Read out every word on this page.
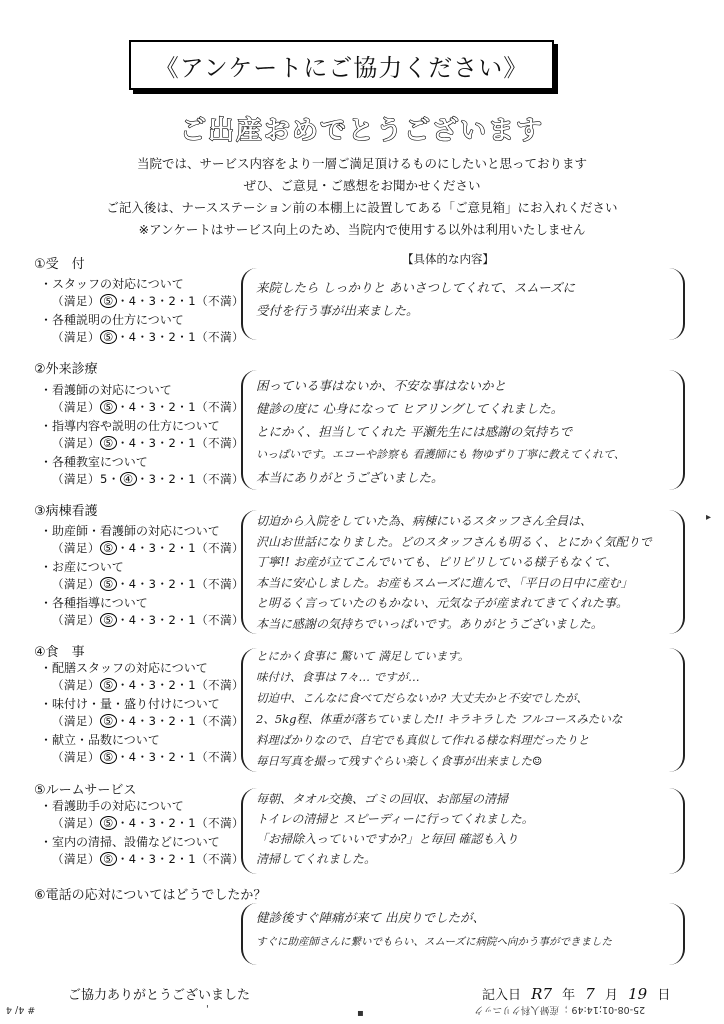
《アンケートにご協力ください》
ご出産おめでとうございます
当院では、サービス内容をより一層ご満足頂けるものにしたいと思っております
ぜひ、ご意見・ご感想をお聞かせください
ご記入後は、ナースステーション前の本棚上に設置してある「ご意見箱」にお入れください
※アンケートはサービス向上のため、当院内で使用する以外は利用いたしません
【具体的な内容】
①受　付
・ スタッフの対応について
（満足） ⑤ ・4・3・2・1（不満）
・ 各種説明の仕方について
（満足） ⑤ ・4・3・2・1（不満）
来院したら しっかりと あいさつしてくれて、スムーズに
受付を行う事が出来ました。
②外来診療
・ 看護師の対応について
（満足） ⑤ ・4・3・2・1（不満）
・ 指導内容や説明の仕方について
（満足） ⑤ ・4・3・2・1（不満）
・ 各種教室について
（満足）5・ ④ ・3・2・1（不満）
困っている事はないか、不安な事はないかと
健診の度に 心身になって ヒアリングしてくれました。
とにかく、担当してくれた 平瀬先生には感謝の気持ちで
いっぱいです。エコーや診察も 看護師にも 物ゆずり丁寧に教えてくれて、
本当にありがとうございました。
③病棟看護
・ 助産師・看護師の対応について
（満足） ⑤ ・4・3・2・1（不満）
・ お産について
（満足） ⑤ ・4・3・2・1（不満）
・ 各種指導について
（満足） ⑤ ・4・3・2・1（不満）
切迫から入院をしていた為、病棟にいるスタッフさん全員は、
沢山お世話になりました。どのスタッフさんも明るく、とにかく気配りで
丁寧!! お産が立てこんでいても、ピリピリしている様子もなくて、
本当に安心しました。お産もスムーズに進んで、「平日の日中に産む」
と明るく言っていたのもかない、元気な子が産まれてきてくれた事。
本当に感謝の気持ちでいっぱいです。ありがとうございました。
④食　事
・ 配膳スタッフの対応について
（満足） ⑤ ・4・3・2・1（不満）
・ 味付け・量・盛り付けについて
（満足） ⑤ ・4・3・2・1（不満）
・ 献立・品数について
（満足） ⑤ ・4・3・2・1（不満）
とにかく食事に 驚いて 満足しています。
味付け、食事は 7々… ですが…
切迫中、こんなに食べてだらないか? 大丈夫かと不安でしたが、
2、5kg程、体重が落ちていました!! キラキラした フルコースみたいな
料理ばかりなので、自宅でも真似して作れる様な料理だったりと
毎日写真を撮って残すぐらい楽しく食事が出来ました☺
⑤ルームサービス
・ 看護助手の対応について
（満足） ⑤ ・4・3・2・1（不満）
・ 室内の清掃、設備などについて
（満足） ⑤ ・4・3・2・1（不満）
毎朝、タオル交換、ゴミの回収、お部屋の清掃
トイレの清掃と スピーディーに行ってくれました。
「お掃除入っていいですか?」と毎回 確認も入り
清掃してくれました。
⑥電話の応対についてはどうでしたか？
健診後すぐ陣痛が来て 出戻りでしたが、
すぐに助産師さんに繋いでもらい、スムーズに病院へ向かう事ができました
ご協力ありがとうございました	記入日 R7 年 7 月 19 日
# 4/ 4	25-08-01;14:49 ；産婦人科クリニック
'	▪
▸
